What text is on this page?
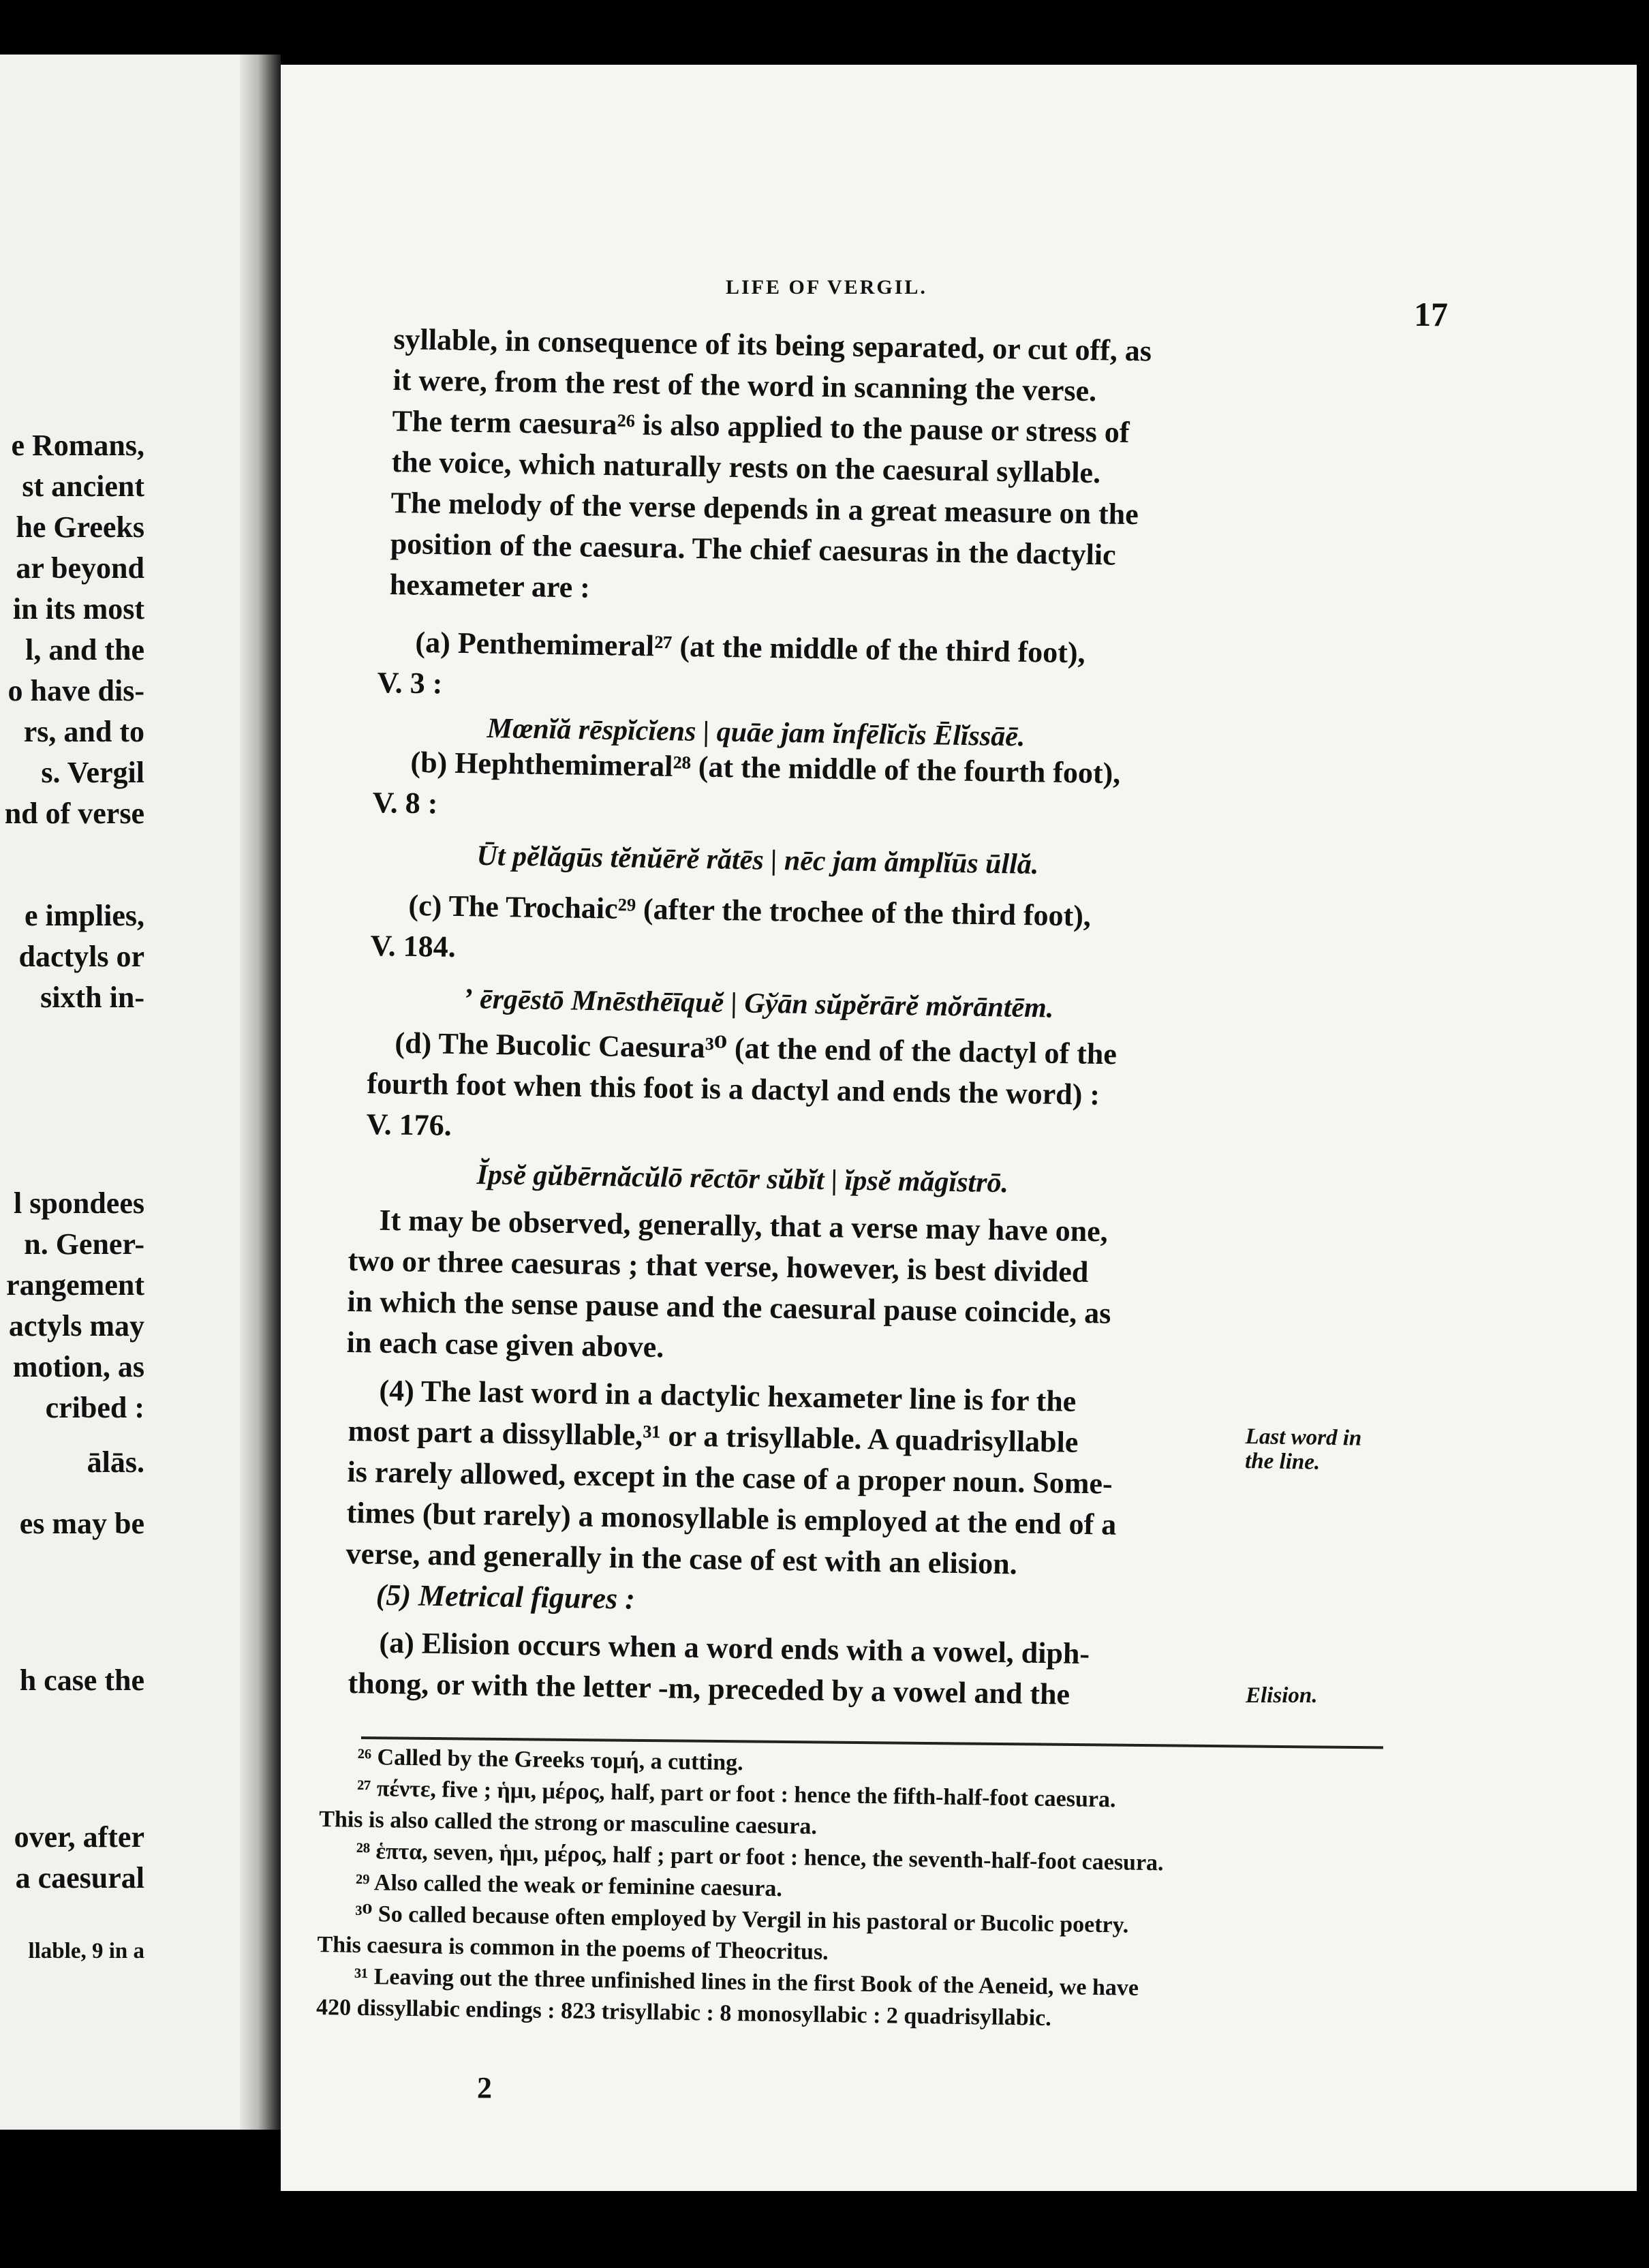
e Romans,
st ancient
he Greeks
ar beyond
in its most
l, and the
o have dis-
rs, and to
s. Vergil
nd of verse
e implies,
dactyls or
sixth in-
l spondees
n. Gener-
rangement
actyls may
motion, as
cribed :
ālās.
es may be
h case the
over, after
a caesural
llable, 9 in a
LIFE OF VERGIL.
17
syllable, in consequence of its being separated, or cut off, as
it were, from the rest of the word in scanning the verse.
The term caesura²⁶ is also applied to the pause or stress of
the voice, which naturally rests on the caesural syllable.
The melody of the verse depends in a great measure on the
position of the caesura. The chief caesuras in the dactylic
hexameter are :
(a) Penthemimeral²⁷ (at the middle of the third foot),
V. 3 :
Mœnĭă rēspĭcĭens | quāe jam ĭnfēlĭcĭs Ēlĭssāē.
(b) Hephthemimeral²⁸ (at the middle of the fourth foot),
V. 8 :
Ūt pĕlăgūs tĕnŭērĕ rătēs | nēc jam ămplĭūs ūllă.
(c) The Trochaic²⁹ (after the trochee of the third foot),
V. 184.
ʼ ērgēstō Mnēsthēīquĕ | Gўān sŭpĕrārĕ mŏrāntēm.
(d) The Bucolic Caesura³⁰ (at the end of the dactyl of the
fourth foot when this foot is a dactyl and ends the word) :
V. 176.
Ĭpsĕ gŭbērnăcŭlō rēctōr sŭbĭt | ĭpsĕ măgĭstrō.
It may be observed, generally, that a verse may have one,
two or three caesuras ; that verse, however, is best divided
in which the sense pause and the caesural pause coincide, as
in each case given above.
(4) The last word in a dactylic hexameter line is for the
most part a dissyllable,³¹ or a trisyllable. A quadrisyllable
is rarely allowed, except in the case of a proper noun. Some-
times (but rarely) a monosyllable is employed at the end of a
verse, and generally in the case of est with an elision.
(5) Metrical figures :
(a) Elision occurs when a word ends with a vowel, diph-
thong, or with the letter -m, preceded by a vowel and the
Last word in
the line.
Elision.
²⁶ Called by the Greeks τομή, a cutting.
²⁷ πέντε, five ; ἡμι, μέρος, half, part or foot : hence the fifth-half-foot caesura.
This is also called the strong or masculine caesura.
²⁸ ἑπτα, seven, ἡμι, μέρος, half ; part or foot : hence, the seventh-half-foot caesura.
²⁹ Also called the weak or feminine caesura.
³⁰ So called because often employed by Vergil in his pastoral or Bucolic poetry.
This caesura is common in the poems of Theocritus.
³¹ Leaving out the three unfinished lines in the first Book of the Aeneid, we have
420 dissyllabic endings : 823 trisyllabic : 8 monosyllabic : 2 quadrisyllabic.
2
